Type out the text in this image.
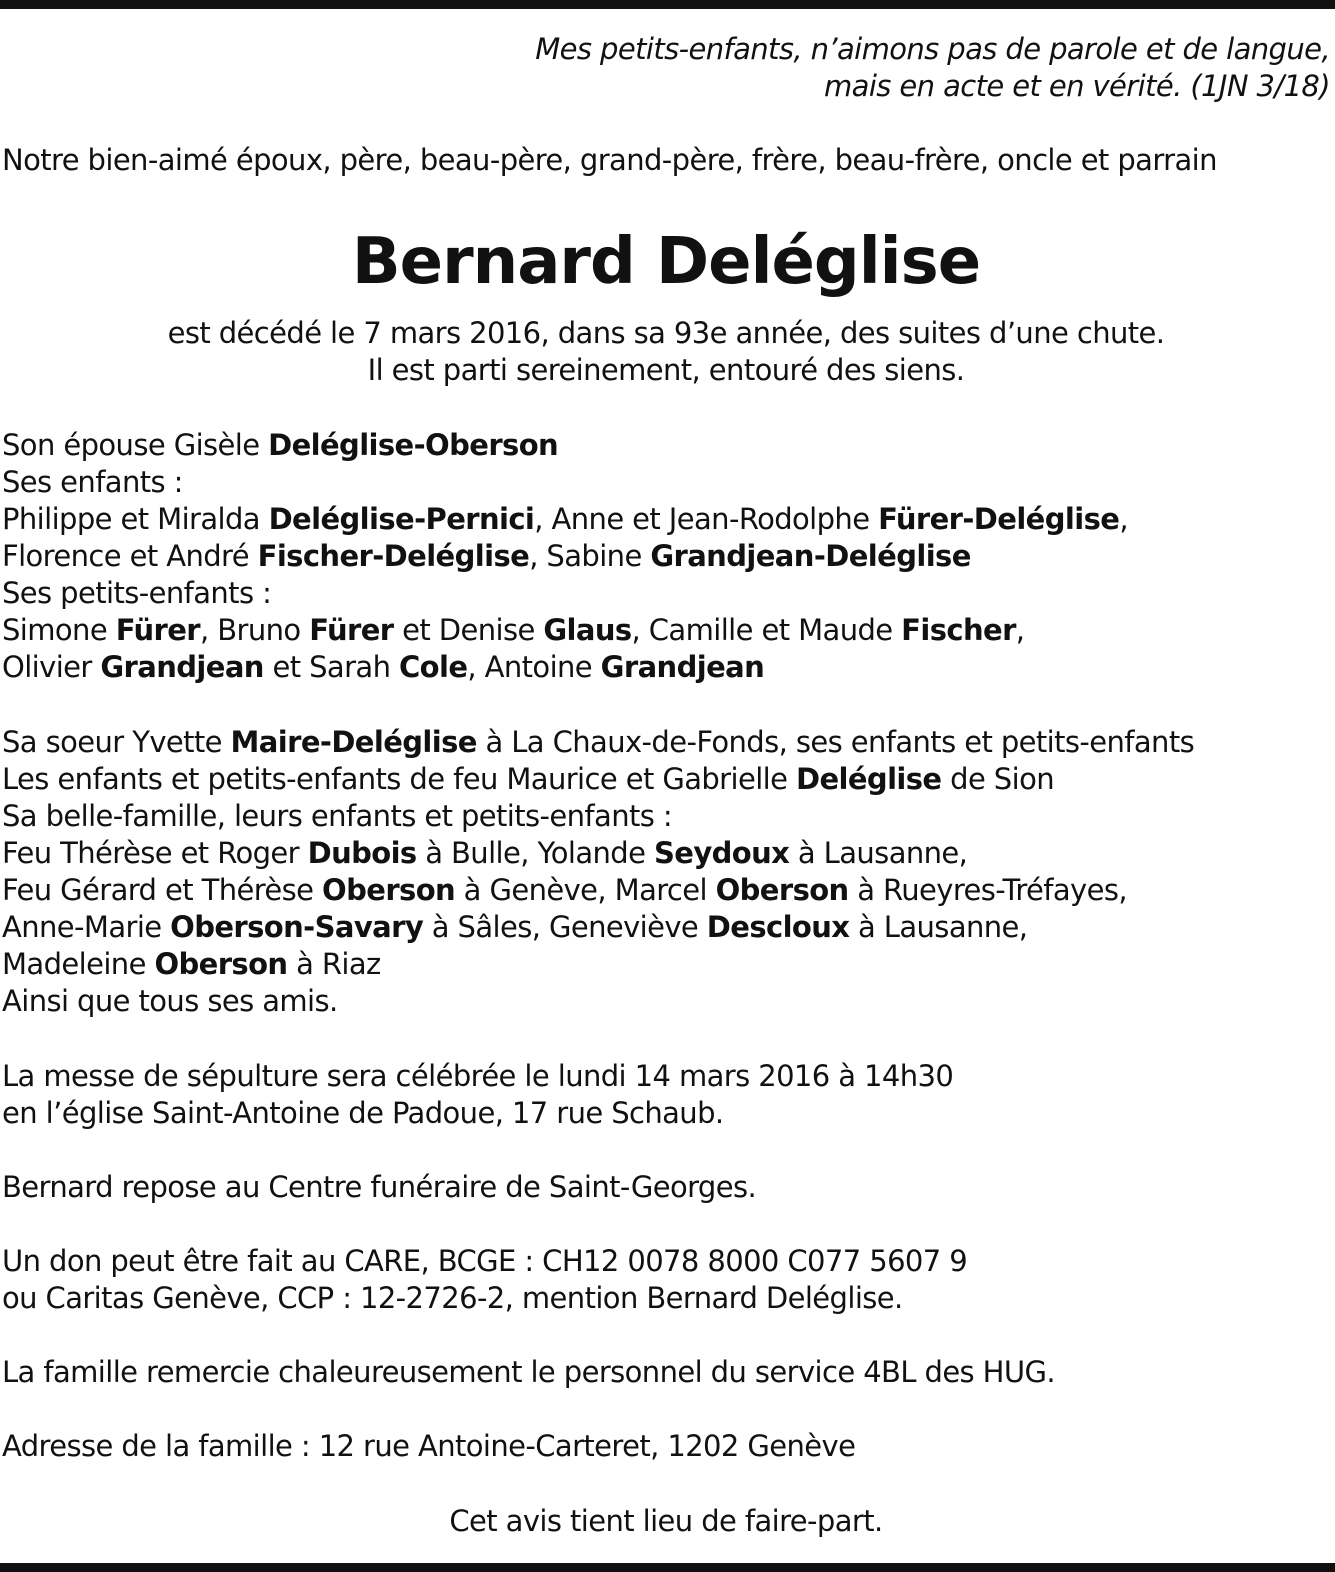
Mes petits-enfants, n’aimons pas de parole et de langue,
mais en acte et en vérité. (1JN 3/18)
Notre bien-aimé époux, père, beau-père, grand-père, frère, beau-frère, oncle et parrain
Bernard Deléglise
est décédé le 7 mars 2016, dans sa 93e année, des suites d’une chute.
Il est parti sereinement, entouré des siens.
Son épouse Gisèle Deléglise-Oberson
Ses enfants :
Philippe et Miralda Deléglise-Pernici, Anne et Jean-Rodolphe Fürer-Deléglise,
Florence et André Fischer-Deléglise, Sabine Grandjean-Deléglise
Ses petits-enfants :
Simone Fürer, Bruno Fürer et Denise Glaus, Camille et Maude Fischer,
Olivier Grandjean et Sarah Cole, Antoine Grandjean
Sa soeur Yvette Maire-Deléglise à La Chaux-de-Fonds, ses enfants et petits-enfants
Les enfants et petits-enfants de feu Maurice et Gabrielle Deléglise de Sion
Sa belle-famille, leurs enfants et petits-enfants :
Feu Thérèse et Roger Dubois à Bulle, Yolande Seydoux à Lausanne,
Feu Gérard et Thérèse Oberson à Genève, Marcel Oberson à Rueyres-Tréfayes,
Anne-Marie Oberson-Savary à Sâles, Geneviève Descloux à Lausanne,
Madeleine Oberson à Riaz
Ainsi que tous ses amis.
La messe de sépulture sera célébrée le lundi 14 mars 2016 à 14h30
en l’église Saint-Antoine de Padoue, 17 rue Schaub.
Bernard repose au Centre funéraire de Saint-Georges.
Un don peut être fait au CARE, BCGE : CH12 0078 8000 C077 5607 9
ou Caritas Genève, CCP : 12-2726-2, mention Bernard Deléglise.
La famille remercie chaleureusement le personnel du service 4BL des HUG.
Adresse de la famille : 12 rue Antoine-Carteret, 1202 Genève
Cet avis tient lieu de faire-part.
